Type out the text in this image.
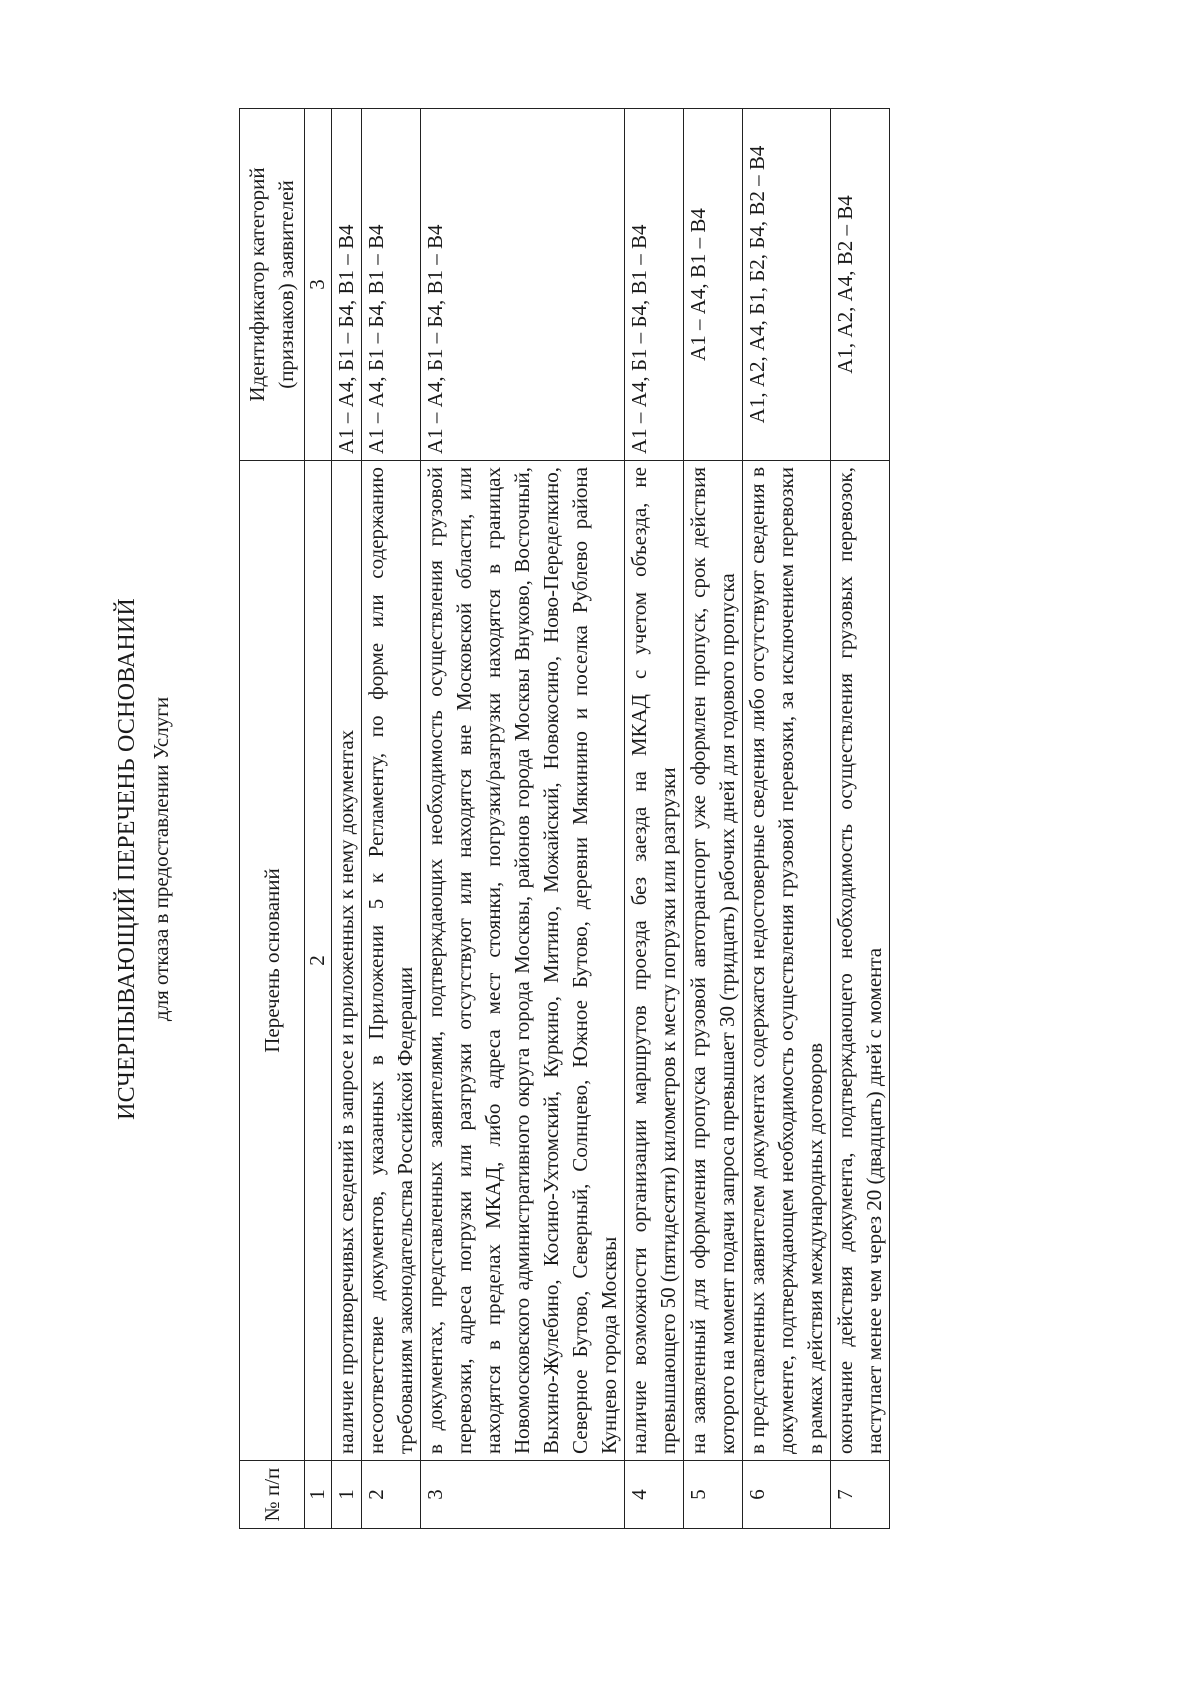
ИСЧЕРПЫВАЮЩИЙ ПЕРЕЧЕНЬ ОСНОВАНИЙ для отказа в предоставлении Услуги
№ п/п	Перечень оснований	Идентификатор категорий (признаков) заявителей
1	2	3
1	наличие противоречивых сведений в запросе и приложенных к нему документах	А1 – А4, Б1 – Б4, В1 – В4
2	несоответствие документов, указанных в Приложении 5 к Регламенту, по форме или содержанию требованиям законодательства Российской Федерации	А1 – А4, Б1 – Б4, В1 – В4
3	в документах, представленных заявителями, подтверждающих необходимость осуществления грузовой перевозки, адреса погрузки или разгрузки отсутствуют или находятся вне Московской области, или находятся в пределах МКАД, либо адреса мест стоянки, погрузки/разгрузки находятся в границах Новомосковского административного округа города Москвы, районов города Москвы Внуково, Восточный, Выхино-Жулебино, Косино-Ухтомский, Куркино, Митино, Можайский, Новокосино, Ново-Переделкино, Северное Бутово, Северный, Солнцево, Южное Бутово, деревни Мякинино и поселка Рублево района Кунцево города Москвы	А1 – А4, Б1 – Б4, В1 – В4
4	наличие возможности организации маршрутов проезда без заезда на МКАД с учетом объезда, не превышающего 50 (пятидесяти) километров к месту погрузки или разгрузки	А1 – А4, Б1 – Б4, В1 – В4
5	на заявленный для оформления пропуска грузовой автотранспорт уже оформлен пропуск, срок действия которого на момент подачи запроса превышает 30 (тридцать) рабочих дней для годового пропуска	А1 – А4, В1 – В4
6	в представленных заявителем документах содержатся недостоверные сведения либо отсутствуют сведения в документе, подтверждающем необходимость осуществления грузовой перевозки, за исключением перевозки в рамках действия международных договоров	А1, А2, А4, Б1, Б2, Б4, В2 – В4
7	окончание действия документа, подтверждающего необходимость осуществления грузовых перевозок, наступает менее чем через 20 (двадцать) дней с момента	А1, А2, А4, В2 – В4
